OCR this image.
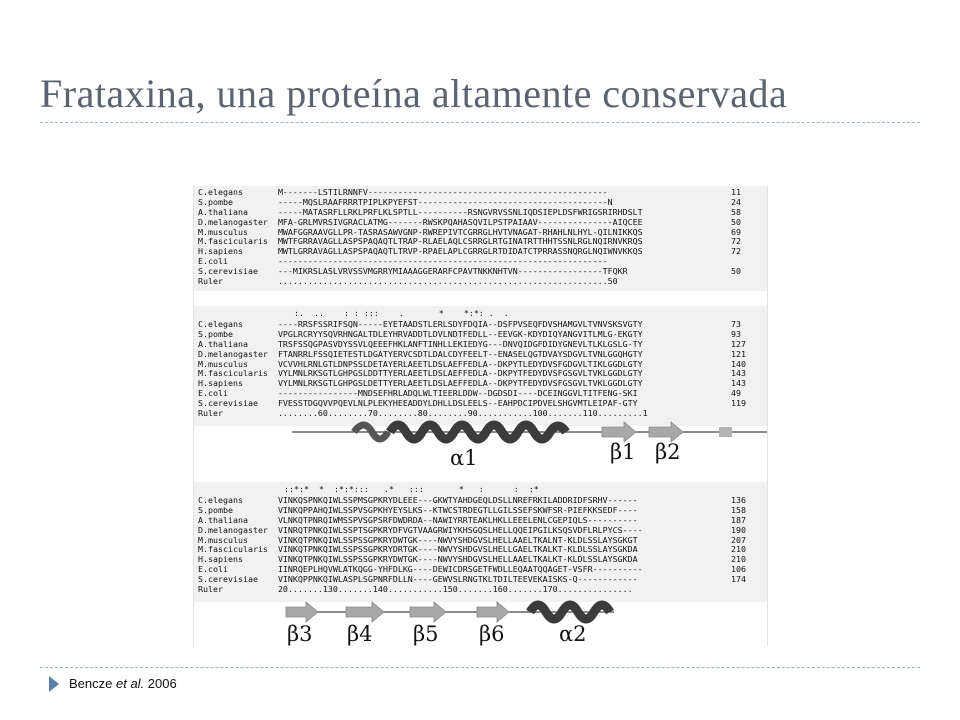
Frataxina, una proteína altamente conservada
C.elegans       M-------LSTILRNNFV------------------------------------------------	11
S.pombe         -----MQSLRAAFRRRTPIPLKPYEFST--------------------------------------N	24
A.thaliana      -----MATASRFLLRKLPRFLKLSPTLL----------RSNGVRVSSNLIQDSIEPLDSFWRIGSRIRHDSLT	58
D.melanogaster  MFA-GRLMVRSIVGRACLATMG-------RWSKPQAHASQVILPSTPAIAAV---------------AIQCEE	50
M.musculus      MWAFGGRAAVGLLPR-TASRASAWVGNP-RWREPIVTCGRRGLHVTVNAGAT-RHAHLNLHYL-QILNIKKQS	69
M.fascicularis  MWTFGRRAVAGLLASPSPAQAQTLTRAP-RLAELAQLCSRRGLRTGINATRTTHHTSSNLRGLNQIRNVKRQS	72
H.sapiens       MWTLGRRAVAGLLASPSPAQAQTLTRVP-RPAELAPLCGRRGLRTDIDATCTPRRASSNQRGLNQIWNVKKQS	72
E.coli          ------------------------------------------------------------------
S.cerevisiae    ---MIKRSLASLVRVSSVMGRRYMIAAAGGERARFCPAVTNKKNHTVN-----------------TFQKR	50
Ruler           ..................................................................50
:.  ..    : : :::    .       *    *:*: .  .
C.elegans       ----RRSFSSRIFSQN-----EYETAADSTLERLSDYFDQIA--DSFPVSEQFDVSHAMGVLTVNVSKSVGTY	73
S.pombe         VPGLRCRYYSQVRHNGALTDLEYHRVADDTLDVLNDTFEDLL--EEVGK-KDYDIQYANGVITLMLG-EKGTY	93
A.thaliana      TRSFSSQGPASVDYSSVLQEEEFHKLANFTINHLLEKIEDYG---DNVQIDGFDIDYGNEVLTLKLGSLG-TY	127
D.melanogaster  FTANRRLFSSQIETESTLDGATYERVCSDTLDALCDYFEELT--ENASELQGTDVAYSDGVLTVNLGGQHGTY	121
M.musculus      VCVVHLRNLGTLDNPSSLDETAYERLAEETLDSLAEFFEDLA--DKPYTLEDYDVSFGDGVLTIKLGGDLGTY	140
M.fascicularis  VYLMNLRKSGTLGHPGSLDDTTYERLAEETLDSLAEFFEDLA--DKPYTFEDYDVSFGSGVLTVKLGGDLGTY	143
H.sapiens       VYLMNLRKSGTLGHPGSLDETTYERLAEETLDSLAEFFEDLA--DKPYTFEDYDVSFGSGVLTVKLGGDLGTY	143
E.coli          ----------------MNDSEFHRLADQLWLTIEERLDDW--DGDSDI----DCEINGGVLTITFENG-SKI	49
S.cerevisiae    FVESSTDGQVVPQEVLNLPLEKYHEEADDYLDHLLDSLEELS--EAHPDCIPDVELSHGVMTLEIPAF-GTY	119
Ruler           ........60........70........80........90...........100.......110.........1
α1	β1 β2
::*:*  *  :*:*:::   .*   :::       *   :      :  :*
C.elegans       VINKQSPNKQIWLSSPMSGPKRYDLEEE---GKWTYAHDGEQLDSLLNREFRKILADDRIDFSRHV------	136
S.pombe         VINKQPPAHQIWLSSPVSGPKHYEYSLKS--KTWCSTRDEGTLLGILSSEFSKWFSR-PIEFKKSEDF----	158
A.thaliana      VLNKQTPNRQIWMSSPVSGPSRFDWDRDA--NAWIYRRTEAKLHKLLEEELENLCGEPIQLS----------	187
D.melanogaster  VINRQTPNKQIWLSSPTSGPKRYDFVGTVAAGRWIYKHSGQSLHELLQQEIPGILKSQSVDFLRLPYCS----	190
M.musculus      VINKQTPNKQIWLSSPSSGPKRYDWTGK----NWVYSHDGVSLHELLAAELTKALNT-KLDLSSLAYSGKGT	207
M.fascicularis  VINKQTPNKQIWLSSPSSGPKRYDRTGK----NWVYSHDGVSLHELLGAELTKALKT-KLDLSSLAYSGKDA	210
H.sapiens       VINKQTPNKQIWLSSPSSGPKRYDWTGK----NWVYSHDGVSLHELLAAELTKALKT-KLDLSSLAYSGKDA	210
E.coli          IINRQEPLHQVWLATKQGG-YHFDLKG----DEWICDRSGETFWDLLEQAATQQAGET-VSFR----------	106
S.cerevisiae    VINKQPPNKQIWLASPLSGPNRFDLLN----GEWVSLRNGTKLTDILTEEVEKAISKS-Q------------	174
Ruler           20.......130.......140...........150.......160.......170...............
β3 β4 β5 β6	α2
Bencze et al. 2006
